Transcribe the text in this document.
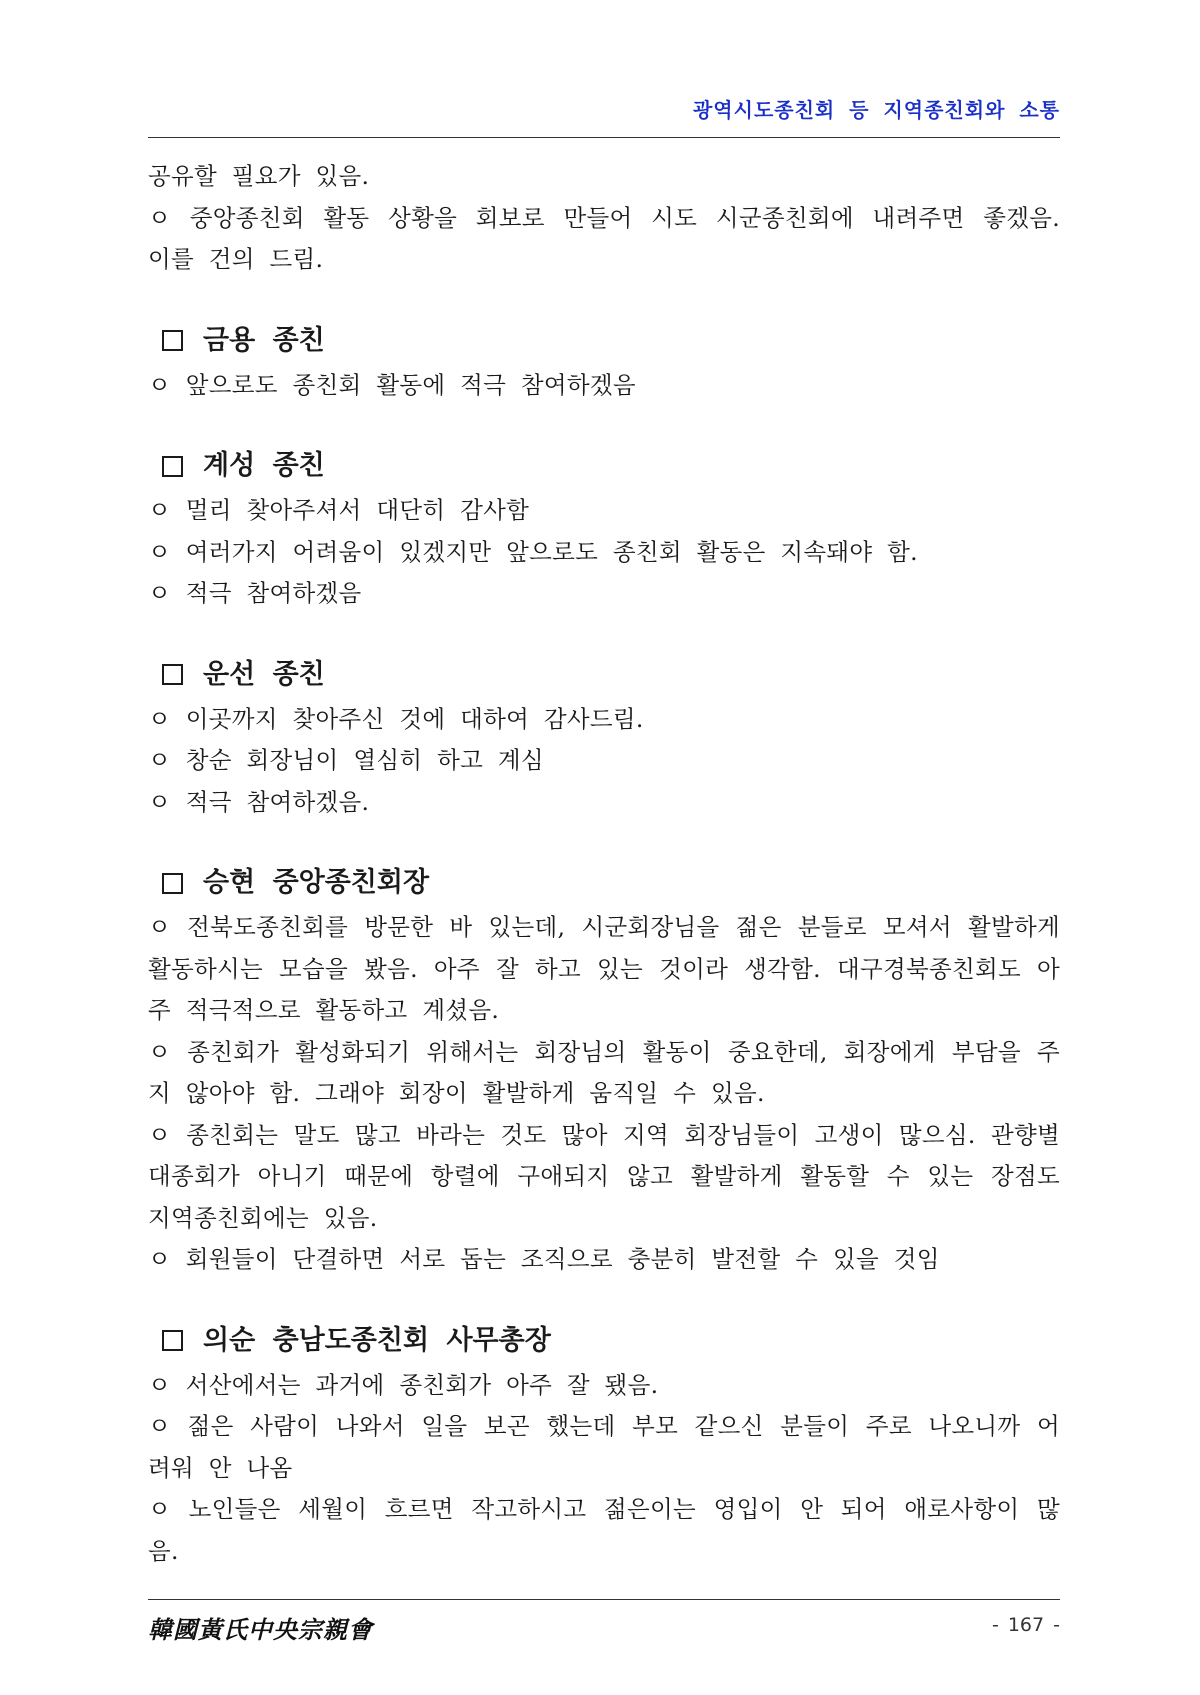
광역시도종친회 등 지역종친회와 소통

공유할 필요가 있음.

ㅇ 중앙종친회 활동 상황을 회보로 만들어 시도 시군종친회에 내려주면 좋겠음. 이를 건의 드림.

금용 종친

ㅇ 앞으로도 종친회 활동에 적극 참여하겠음

계성 종친

ㅇ 멀리 찾아주셔서 대단히 감사함

ㅇ 여러가지 어려움이 있겠지만 앞으로도 종친회 활동은 지속돼야 함.

ㅇ 적극 참여하겠음

운선 종친

ㅇ 이곳까지 찾아주신 것에 대하여 감사드림.

ㅇ 창순 회장님이 열심히 하고 계심

ㅇ 적극 참여하겠음.

승현 중앙종친회장

ㅇ 전북도종친회를 방문한 바 있는데, 시군회장님을 젊은 분들로 모셔서 활발하게 활동하시는 모습을 봤음. 아주 잘 하고 있는 것이라 생각함. 대구경북종친회도 아주 적극적으로 활동하고 계셨음.

ㅇ 종친회가 활성화되기 위해서는 회장님의 활동이 중요한데, 회장에게 부담을 주지 않아야 함. 그래야 회장이 활발하게 움직일 수 있음.

ㅇ 종친회는 말도 많고 바라는 것도 많아 지역 회장님들이 고생이 많으심. 관향별 대종회가 아니기 때문에 항렬에 구애되지 않고 활발하게 활동할 수 있는 장점도 지역종친회에는 있음.

ㅇ 회원들이 단결하면 서로 돕는 조직으로 충분히 발전할 수 있을 것임

의순 충남도종친회 사무총장

ㅇ 서산에서는 과거에 종친회가 아주 잘 됐음.

ㅇ 젊은 사람이 나와서 일을 보곤 했는데 부모 같으신 분들이 주로 나오니까 어려워 안 나옴

ㅇ 노인들은 세월이 흐르면 작고하시고 젊은이는 영입이 안 되어 애로사항이 많음.

韓國黃氏中央宗親會	- 167 -
